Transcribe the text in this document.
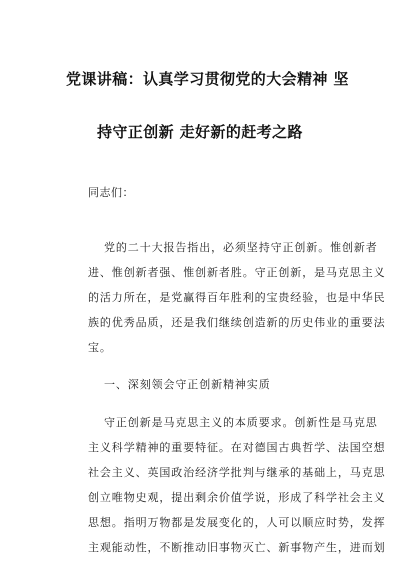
党课讲稿：认真学习贯彻党的大会精神 坚
持守正创新 走好新的赶考之路
同志们：
党的二十大报告指出，必须坚持守正创新。惟创新者
进、惟创新者强、惟创新者胜。守正创新，是马克思主义
的活力所在，是党赢得百年胜利的宝贵经验，也是中华民
族的优秀品质，还是我们继续创造新的历史伟业的重要法
宝。
一、深刻领会守正创新精神实质
守正创新是马克思主义的本质要求。创新性是马克思
主义科学精神的重要特征。在对德国古典哲学、法国空想
社会主义、英国政治经济学批判与继承的基础上，马克思
创立唯物史观，提出剩余价值学说，形成了科学社会主义
思想。指明万物都是发展变化的，人可以顺应时势，发挥
主观能动性，不断推动旧事物灭亡、新事物产生，进而划
